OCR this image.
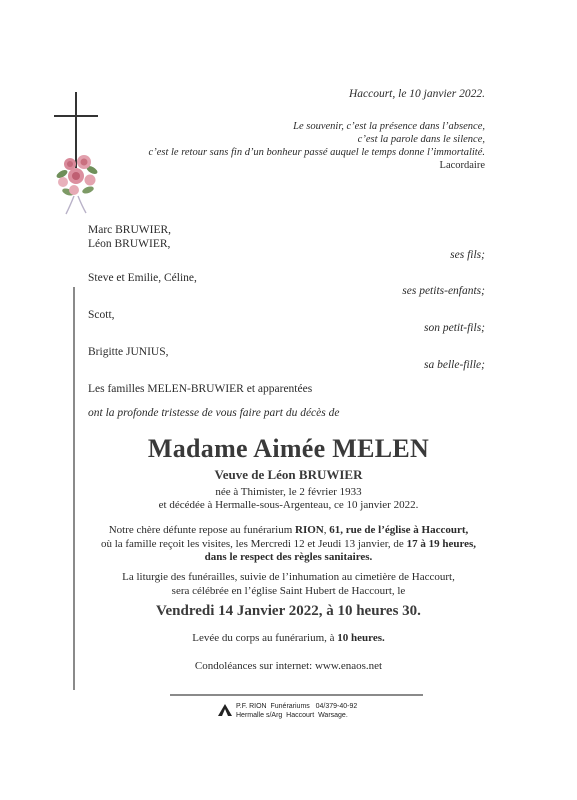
Haccourt, le 10 janvier 2022.
Le souvenir, c’est la présence dans l’absence,
c’est la parole dans le silence,
c’est le retour sans fin d’un bonheur passé auquel le temps donne l’immortalité.
Lacordaire
Marc BRUWIER,
Léon BRUWIER,
ses fils;
Steve et Emilie, Céline,
ses petits-enfants;
Scott,
son petit-fils;
Brigitte JUNIUS,
sa belle-fille;
Les familles MELEN-BRUWIER et apparentées
ont la profonde tristesse de vous faire part du décès de
Madame Aimée MELEN
Veuve de Léon BRUWIER
née à Thimister, le 2 février 1933
et décédée à Hermalle-sous-Argenteau, ce 10 janvier 2022.
Notre chère défunte repose au funérarium RION, 61, rue de l’église à Haccourt,
où la famille reçoit les visites, les Mercredi 12 et Jeudi 13 janvier, de 17 à 19 heures,
dans le respect des règles sanitaires.
La liturgie des funérailles, suivie de l’inhumation au cimetière de Haccourt,
sera célébrée en l’église Saint Hubert de Haccourt, le
Vendredi 14 Janvier 2022, à 10 heures 30.
Levée du corps au funérarium, à 10 heures.
Condoléances sur internet: www.enaos.net
P.F. RION  Funérariums   04/379-40-92
Hermalle s/Arg  Haccourt  Warsage.
